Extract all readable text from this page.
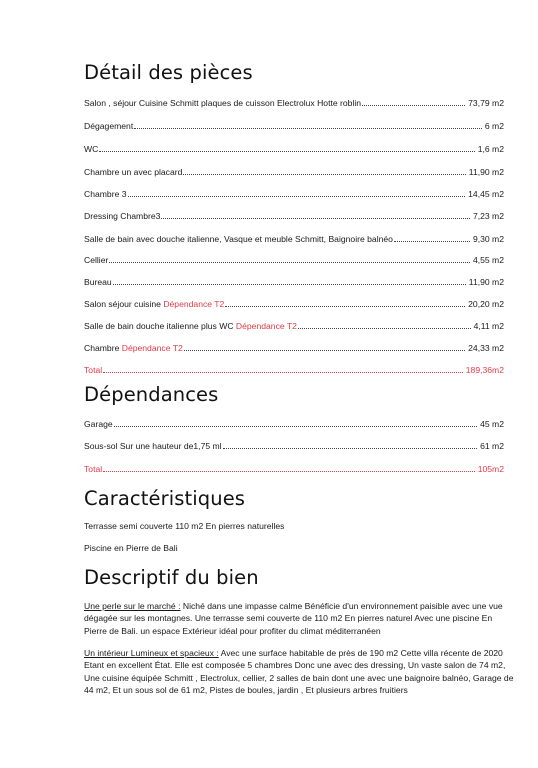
Détail des pièces
Salon , séjour Cuisine Schmitt plaques de cuisson Electrolux Hotte roblin	73,79 m2
Dégagement	6 m2
WC	1,6 m2
Chambre un avec placard	11,90 m2
Chambre 3	14,45 m2
Dressing Chambre3	7,23 m2
Salle de bain avec douche italienne, Vasque et meuble Schmitt, Baignoire balnéo	9,30 m2
Cellier	4,55 m2
Bureau	11,90 m2
Salon séjour cuisine Dépendance T2	20,20 m2
Salle de bain douche italienne plus WC Dépendance T2	4,11 m2
Chambre Dépendance T2	24,33 m2
Total	189,36m2
Dépendances
Garage	45 m2
Sous-sol Sur une hauteur de1,75 ml	61 m2
Total	105m2
Caractéristiques
Terrasse semi couverte 110 m2 En pierres naturelles
Piscine en Pierre de Bali
Descriptif du bien
Une perle sur le marché : Niché dans une impasse calme Bénéficie d'un environnement paisible avec une vue dégagée sur les montagnes. Une terrasse semi couverte de 110 m2 En pierres naturel Avec une piscine En Pierre de Bali. un espace Extérieur idéal pour profiter du climat méditerranéen
Un intérieur Lumineux et spacieux : Avec une surface habitable de près de 190 m2 Cette villa récente de 2020 Etant en excellent État. Elle est composée 5 chambres Donc une avec des dressing, Un vaste salon de 74 m2, Une cuisine équipée Schmitt , Electrolux, cellier, 2 salles de bain dont une avec une baignoire balnéo, Garage de 44 m2, Et un sous sol de 61 m2, Pistes de boules, jardin , Et plusieurs arbres fruitiers
